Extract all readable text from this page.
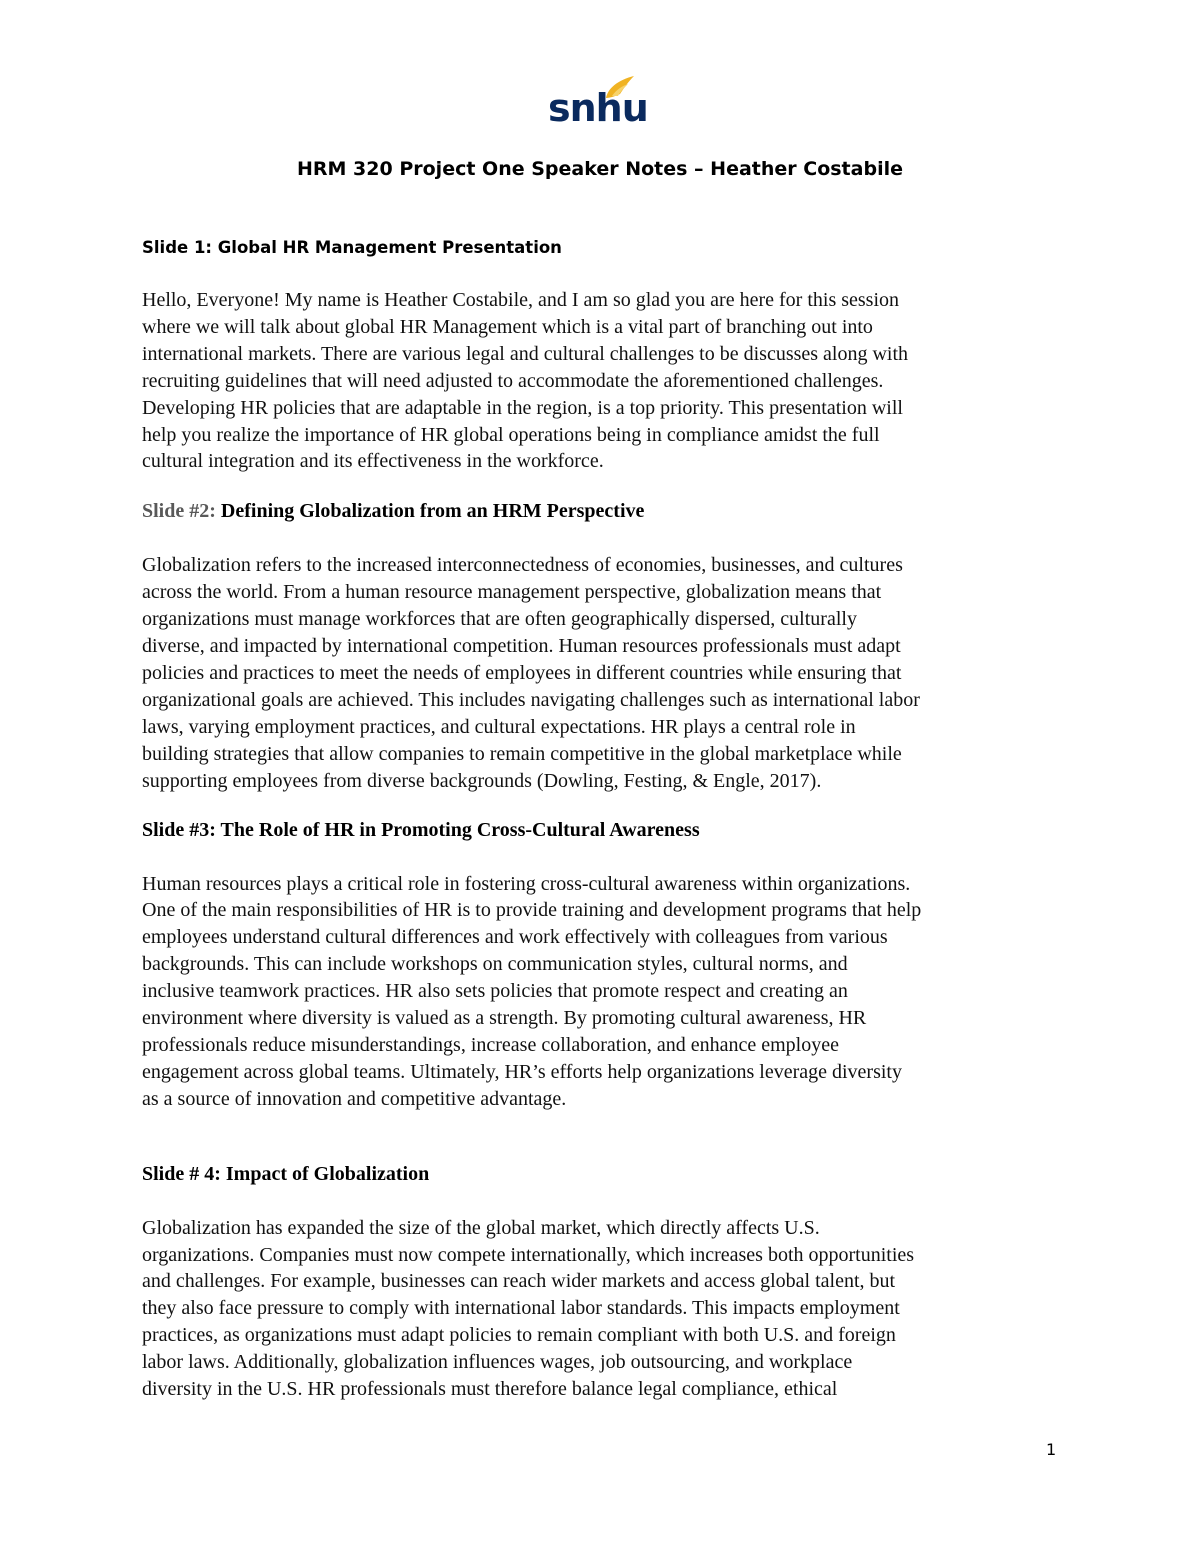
snhu
HRM 320 Project One Speaker Notes – Heather Costabile
Slide 1: Global HR Management Presentation

Hello, Everyone! My name is Heather Costabile, and I am so glad you are here for this session
where we will talk about global HR Management which is a vital part of branching out into
international markets. There are various legal and cultural challenges to be discusses along with
recruiting guidelines that will need adjusted to accommodate the aforementioned challenges.
Developing HR policies that are adaptable in the region, is a top priority. This presentation will
help you realize the importance of HR global operations being in compliance amidst the full
cultural integration and its effectiveness in the workforce.

Slide #2: Defining Globalization from an HRM Perspective

Globalization refers to the increased interconnectedness of economies, businesses, and cultures
across the world. From a human resource management perspective, globalization means that
organizations must manage workforces that are often geographically dispersed, culturally
diverse, and impacted by international competition. Human resources professionals must adapt
policies and practices to meet the needs of employees in different countries while ensuring that
organizational goals are achieved. This includes navigating challenges such as international labor
laws, varying employment practices, and cultural expectations. HR plays a central role in
building strategies that allow companies to remain competitive in the global marketplace while
supporting employees from diverse backgrounds (Dowling, Festing, & Engle, 2017).

Slide #3: The Role of HR in Promoting Cross-Cultural Awareness

Human resources plays a critical role in fostering cross-cultural awareness within organizations.
One of the main responsibilities of HR is to provide training and development programs that help
employees understand cultural differences and work effectively with colleagues from various
backgrounds. This can include workshops on communication styles, cultural norms, and
inclusive teamwork practices. HR also sets policies that promote respect and creating an
environment where diversity is valued as a strength. By promoting cultural awareness, HR
professionals reduce misunderstandings, increase collaboration, and enhance employee
engagement across global teams. Ultimately, HR’s efforts help organizations leverage diversity
as a source of innovation and competitive advantage.

Slide # 4: Impact of Globalization

Globalization has expanded the size of the global market, which directly affects U.S.
organizations. Companies must now compete internationally, which increases both opportunities
and challenges. For example, businesses can reach wider markets and access global talent, but
they also face pressure to comply with international labor standards. This impacts employment
practices, as organizations must adapt policies to remain compliant with both U.S. and foreign
labor laws. Additionally, globalization influences wages, job outsourcing, and workplace
diversity in the U.S. HR professionals must therefore balance legal compliance, ethical

1
